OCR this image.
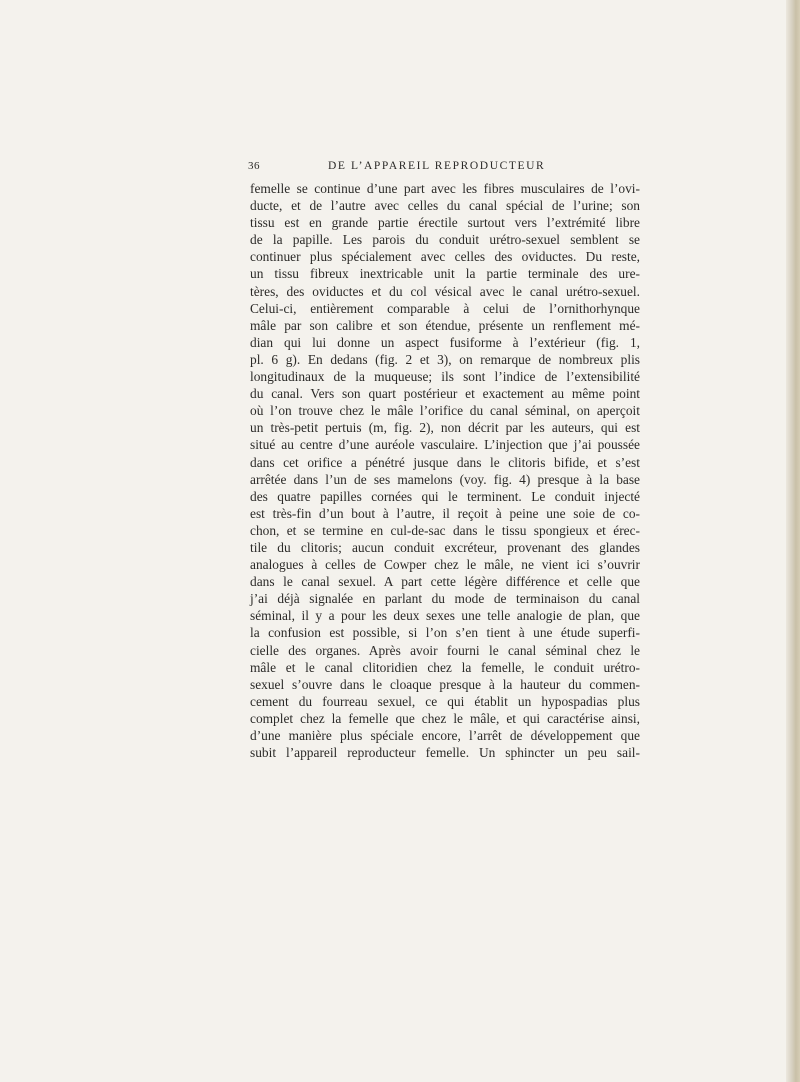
36	DE L’APPAREIL REPRODUCTEUR
femelle se continue d’une part avec les fibres musculaires de l’ovi-
ducte, et de l’autre avec celles du canal spécial de l’urine; son
tissu est en grande partie érectile surtout vers l’extrémité libre
de la papille. Les parois du conduit urétro-sexuel semblent se
continuer plus spécialement avec celles des oviductes. Du reste,
un tissu fibreux inextricable unit la partie terminale des ure-
tères, des oviductes et du col vésical avec le canal urétro-sexuel.
Celui-ci, entièrement comparable à celui de l’ornithorhynque
mâle par son calibre et son étendue, présente un renflement mé-
dian qui lui donne un aspect fusiforme à l’extérieur (fig. 1,
pl. 6 g). En dedans (fig. 2 et 3), on remarque de nombreux plis
longitudinaux de la muqueuse; ils sont l’indice de l’extensibilité
du canal. Vers son quart postérieur et exactement au même point
où l’on trouve chez le mâle l’orifice du canal séminal, on aperçoit
un très-petit pertuis (m, fig. 2), non décrit par les auteurs, qui est
situé au centre d’une auréole vasculaire. L’injection que j’ai poussée
dans cet orifice a pénétré jusque dans le clitoris bifide, et s’est
arrêtée dans l’un de ses mamelons (voy. fig. 4) presque à la base
des quatre papilles cornées qui le terminent. Le conduit injecté
est très-fin d’un bout à l’autre, il reçoit à peine une soie de co-
chon, et se termine en cul-de-sac dans le tissu spongieux et érec-
tile du clitoris; aucun conduit excréteur, provenant des glandes
analogues à celles de Cowper chez le mâle, ne vient ici s’ouvrir
dans le canal sexuel. A part cette légère différence et celle que
j’ai déjà signalée en parlant du mode de terminaison du canal
séminal, il y a pour les deux sexes une telle analogie de plan, que
la confusion est possible, si l’on s’en tient à une étude superfi-
cielle des organes. Après avoir fourni le canal séminal chez le
mâle et le canal clitoridien chez la femelle, le conduit urétro-
sexuel s’ouvre dans le cloaque presque à la hauteur du commen-
cement du fourreau sexuel, ce qui établit un hypospadias plus
complet chez la femelle que chez le mâle, et qui caractérise ainsi,
d’une manière plus spéciale encore, l’arrêt de développement que
subit l’appareil reproducteur femelle. Un sphincter un peu sail-
